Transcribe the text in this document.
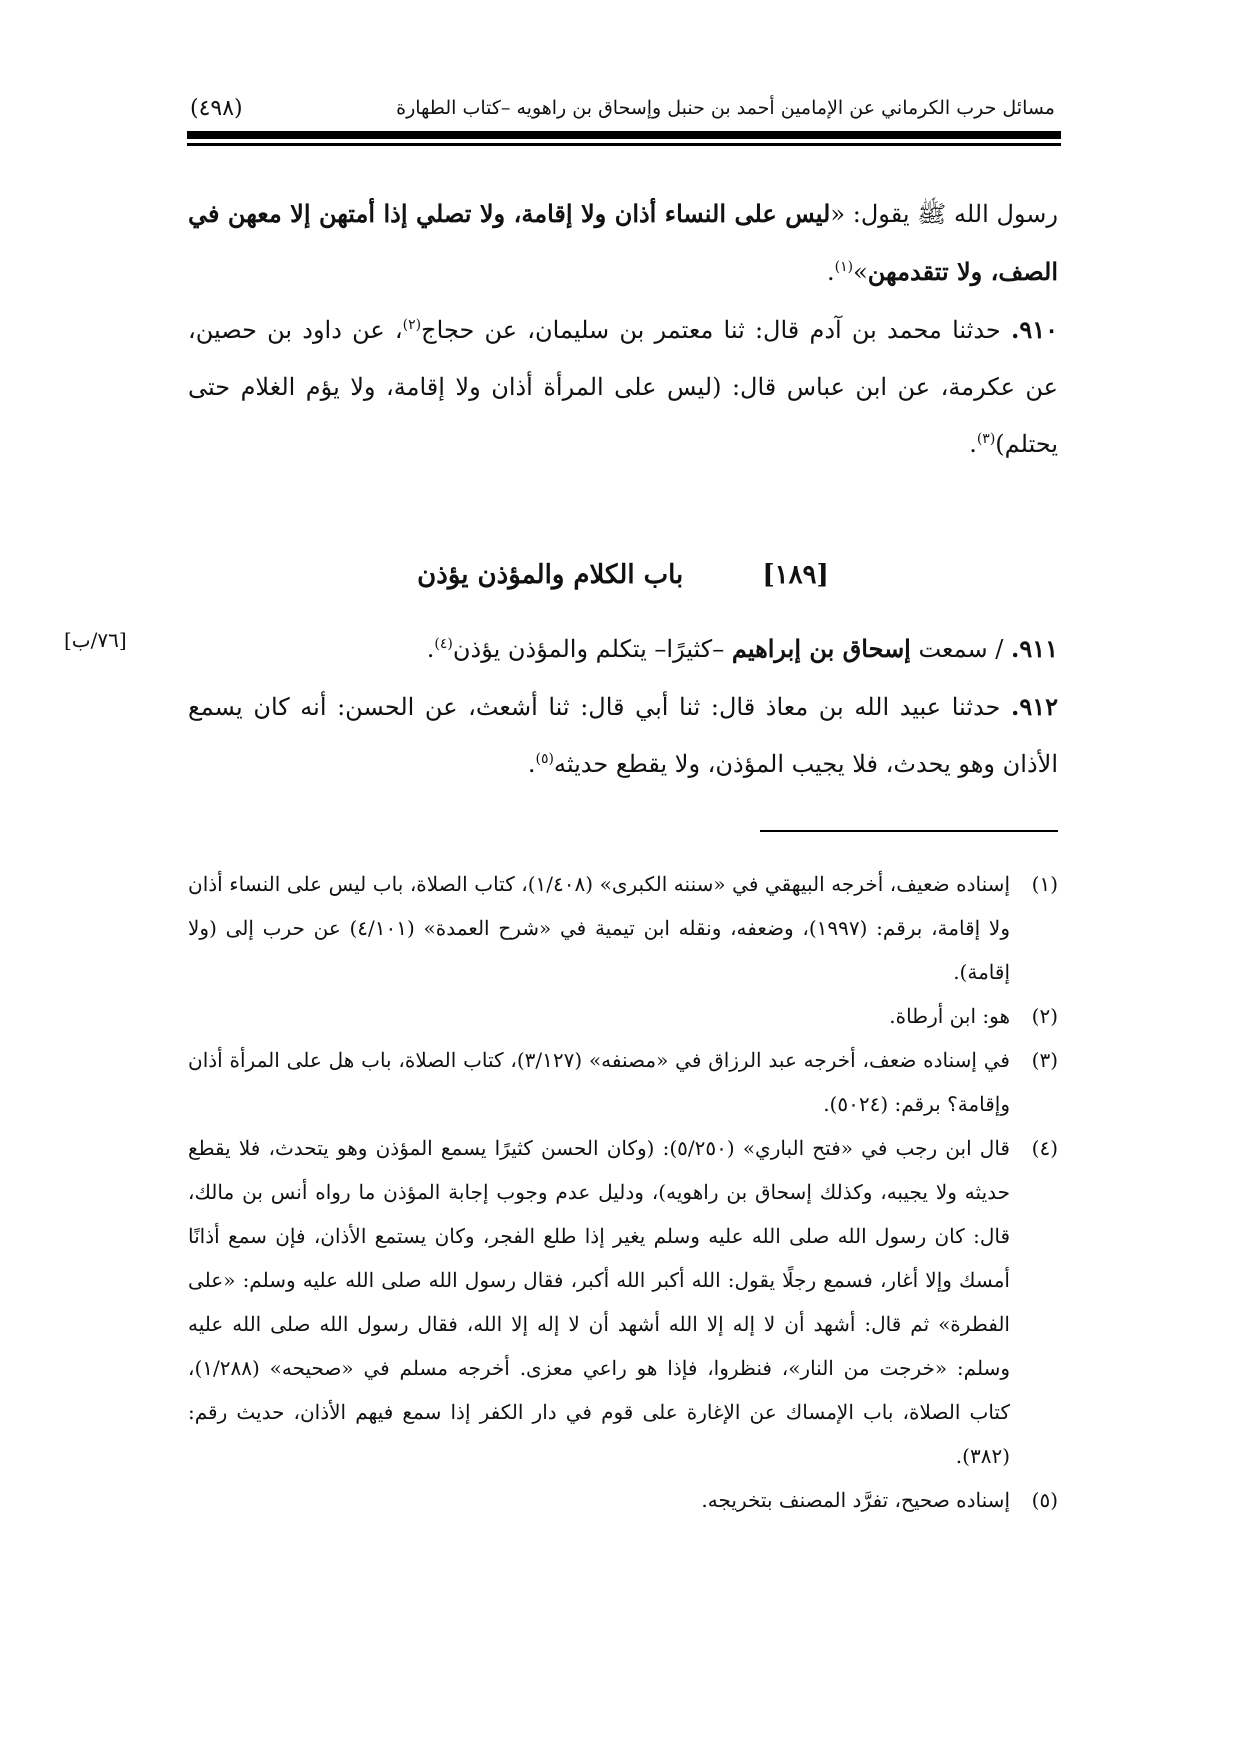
مسائل حرب الكرماني عن الإمامين أحمد بن حنبل وإسحاق بن راهويه –كتاب الطهارة
(٤٩٨)

رسول الله ﷺ يقول: «ليس على النساء أذان ولا إقامة، ولا تصلي إذا أمتهن إلا معهن في الصف، ولا تتقدمهن»$^{(١)}$.

٩١٠. حدثنا محمد بن آدم قال: ثنا معتمر بن سليمان، عن حجاج$^{(٢)}$، عن داود بن حصين، عن عكرمة، عن ابن عباس قال: (ليس على المرأة أذان ولا إقامة، ولا يؤم الغلام حتى يحتلم)$^{(٣)}$.

[١٨٩] باب الكلام والمؤذن يؤذن
[٧٦/ب]	٩١١. / سمعت إسحاق بن إبراهيم –كثيرًا– يتكلم والمؤذن يؤذن$^{(٤)}$.

٩١٢. حدثنا عبيد الله بن معاذ قال: ثنا أبي قال: ثنا أشعث، عن الحسن: أنه كان يسمع الأذان وهو يحدث، فلا يجيب المؤذن، ولا يقطع حديثه$^{(٥)}$.

(١)إسناده ضعيف، أخرجه البيهقي في «سننه الكبرى» (١/٤٠٨)، كتاب الصلاة، باب ليس على النساء أذان ولا إقامة، برقم: (١٩٩٧)، وضعفه، ونقله ابن تيمية في «شرح العمدة» (٤/١٠١) عن حرب إلى (ولا إقامة).

(٢)هو: ابن أرطاة.

(٣)في إسناده ضعف، أخرجه عبد الرزاق في «مصنفه» (٣/١٢٧)، كتاب الصلاة، باب هل على المرأة أذان وإقامة؟ برقم: (٥٠٢٤).

(٤)قال ابن رجب في «فتح الباري» (٥/٢٥٠): (وكان الحسن كثيرًا يسمع المؤذن وهو يتحدث، فلا يقطع حديثه ولا يجيبه، وكذلك إسحاق بن راهويه)، ودليل عدم وجوب إجابة المؤذن ما رواه أنس بن مالك، قال: كان رسول الله صلى الله عليه وسلم يغير إذا طلع الفجر، وكان يستمع الأذان، فإن سمع أذانًا أمسك وإلا أغار، فسمع رجلًا يقول: الله أكبر الله أكبر، فقال رسول الله صلى الله عليه وسلم: «على الفطرة» ثم قال: أشهد أن لا إله إلا الله أشهد أن لا إله إلا الله، فقال رسول الله صلى الله عليه وسلم: «خرجت من النار»، فنظروا، فإذا هو راعي معزى. أخرجه مسلم في «صحيحه» (١/٢٨٨)، كتاب الصلاة، باب الإمساك عن الإغارة على قوم في دار الكفر إذا سمع فيهم الأذان، حديث رقم: (٣٨٢).

(٥)إسناده صحيح، تفرَّد المصنف بتخريجه.
